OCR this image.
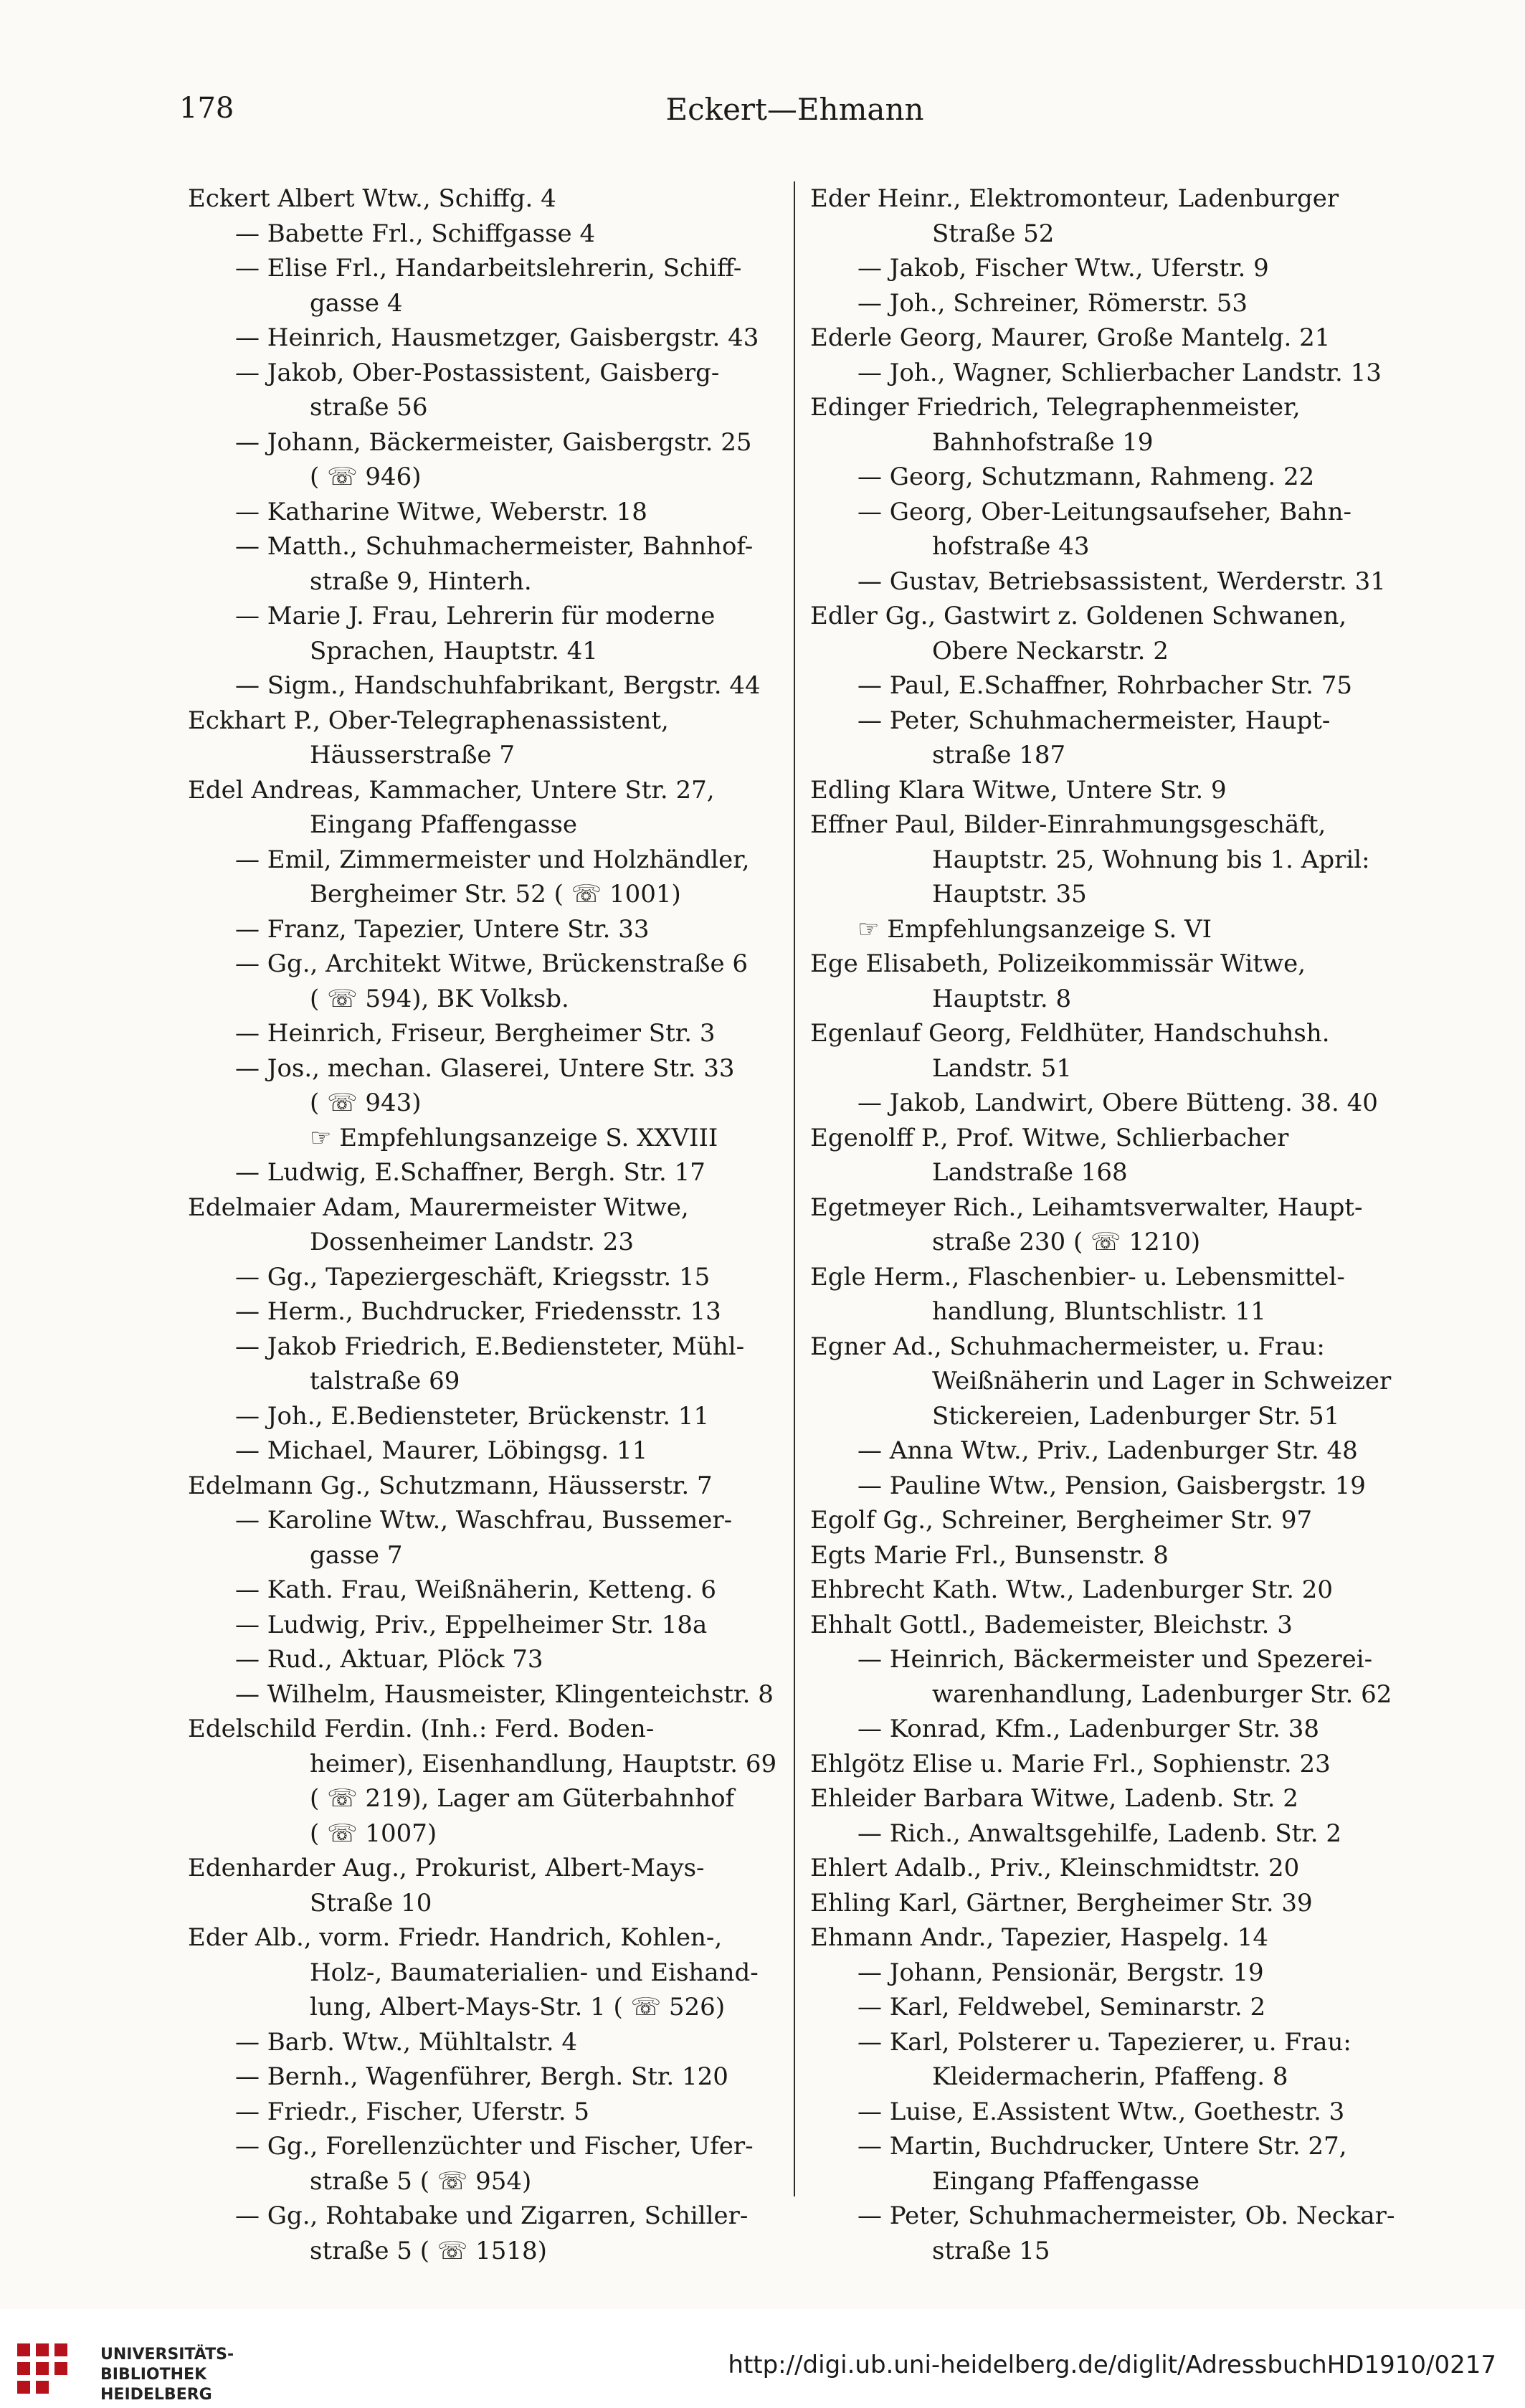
178	Eckert—Ehmann
Eckert Albert Wtw., Schiffg. 4
— Babette Frl., Schiffgasse 4
— Elise Frl., Handarbeitslehrerin, Schiff-
gasse 4
— Heinrich, Hausmetzger, Gaisbergstr. 43
— Jakob, Ober-Postassistent, Gaisberg-
straße 56
— Johann, Bäckermeister, Gaisbergstr. 25
( ☏ 946)
— Katharine Witwe, Weberstr. 18
— Matth., Schuhmachermeister, Bahnhof-
straße 9, Hinterh.
— Marie J. Frau, Lehrerin für moderne
Sprachen, Hauptstr. 41
— Sigm., Handschuhfabrikant, Bergstr. 44
Eckhart P., Ober-Telegraphenassistent,
Häusserstraße 7
Edel Andreas, Kammacher, Untere Str. 27,
Eingang Pfaffengasse
— Emil, Zimmermeister und Holzhändler,
Bergheimer Str. 52 ( ☏ 1001)
— Franz, Tapezier, Untere Str. 33
— Gg., Architekt Witwe, Brückenstraße 6
( ☏ 594), BK Volksb.
— Heinrich, Friseur, Bergheimer Str. 3
— Jos., mechan. Glaserei, Untere Str. 33
( ☏ 943)
☞ Empfehlungsanzeige S. XXVIII
— Ludwig, E.Schaffner, Bergh. Str. 17
Edelmaier Adam, Maurermeister Witwe,
Dossenheimer Landstr. 23
— Gg., Tapeziergeschäft, Kriegsstr. 15
— Herm., Buchdrucker, Friedensstr. 13
— Jakob Friedrich, E.Bediensteter, Mühl-
talstraße 69
— Joh., E.Bediensteter, Brückenstr. 11
— Michael, Maurer, Löbingsg. 11
Edelmann Gg., Schutzmann, Häusserstr. 7
— Karoline Wtw., Waschfrau, Bussemer-
gasse 7
— Kath. Frau, Weißnäherin, Ketteng. 6
— Ludwig, Priv., Eppelheimer Str. 18a
— Rud., Aktuar, Plöck 73
— Wilhelm, Hausmeister, Klingenteichstr. 8
Edelschild Ferdin. (Inh.: Ferd. Boden-
heimer), Eisenhandlung, Hauptstr. 69
( ☏ 219), Lager am Güterbahnhof
( ☏ 1007)
Edenharder Aug., Prokurist, Albert-Mays-
Straße 10
Eder Alb., vorm. Friedr. Handrich, Kohlen-,
Holz-, Baumaterialien- und Eishand-
lung, Albert-Mays-Str. 1 ( ☏ 526)
— Barb. Wtw., Mühltalstr. 4
— Bernh., Wagenführer, Bergh. Str. 120
— Friedr., Fischer, Uferstr. 5
— Gg., Forellenzüchter und Fischer, Ufer-
straße 5 ( ☏ 954)
— Gg., Rohtabake und Zigarren, Schiller-
straße 5 ( ☏ 1518)
Eder Heinr., Elektromonteur, Ladenburger
Straße 52
— Jakob, Fischer Wtw., Uferstr. 9
— Joh., Schreiner, Römerstr. 53
Ederle Georg, Maurer, Große Mantelg. 21
— Joh., Wagner, Schlierbacher Landstr. 13
Edinger Friedrich, Telegraphenmeister,
Bahnhofstraße 19
— Georg, Schutzmann, Rahmeng. 22
— Georg, Ober-Leitungsaufseher, Bahn-
hofstraße 43
— Gustav, Betriebsassistent, Werderstr. 31
Edler Gg., Gastwirt z. Goldenen Schwanen,
Obere Neckarstr. 2
— Paul, E.Schaffner, Rohrbacher Str. 75
— Peter, Schuhmachermeister, Haupt-
straße 187
Edling Klara Witwe, Untere Str. 9
Effner Paul, Bilder-Einrahmungsgeschäft,
Hauptstr. 25, Wohnung bis 1. April:
Hauptstr. 35
☞ Empfehlungsanzeige S. VI
Ege Elisabeth, Polizeikommissär Witwe,
Hauptstr. 8
Egenlauf Georg, Feldhüter, Handschuhsh.
Landstr. 51
— Jakob, Landwirt, Obere Bütteng. 38. 40
Egenolff P., Prof. Witwe, Schlierbacher
Landstraße 168
Egetmeyer Rich., Leihamtsverwalter, Haupt-
straße 230 ( ☏ 1210)
Egle Herm., Flaschenbier- u. Lebensmittel-
handlung, Bluntschlistr. 11
Egner Ad., Schuhmachermeister, u. Frau:
Weißnäherin und Lager in Schweizer
Stickereien, Ladenburger Str. 51
— Anna Wtw., Priv., Ladenburger Str. 48
— Pauline Wtw., Pension, Gaisbergstr. 19
Egolf Gg., Schreiner, Bergheimer Str. 97
Egts Marie Frl., Bunsenstr. 8
Ehbrecht Kath. Wtw., Ladenburger Str. 20
Ehhalt Gottl., Bademeister, Bleichstr. 3
— Heinrich, Bäckermeister und Spezerei-
warenhandlung, Ladenburger Str. 62
— Konrad, Kfm., Ladenburger Str. 38
Ehlgötz Elise u. Marie Frl., Sophienstr. 23
Ehleider Barbara Witwe, Ladenb. Str. 2
— Rich., Anwaltsgehilfe, Ladenb. Str. 2
Ehlert Adalb., Priv., Kleinschmidtstr. 20
Ehling Karl, Gärtner, Bergheimer Str. 39
Ehmann Andr., Tapezier, Haspelg. 14
— Johann, Pensionär, Bergstr. 19
— Karl, Feldwebel, Seminarstr. 2
— Karl, Polsterer u. Tapezierer, u. Frau:
Kleidermacherin, Pfaffeng. 8
— Luise, E.Assistent Wtw., Goethestr. 3
— Martin, Buchdrucker, Untere Str. 27,
Eingang Pfaffengasse
— Peter, Schuhmachermeister, Ob. Neckar-
straße 15
UNIVERSITÄTS-
BIBLIOTHEK
HEIDELBERG
http://digi.ub.uni-heidelberg.de/diglit/AdressbuchHD1910/0217
